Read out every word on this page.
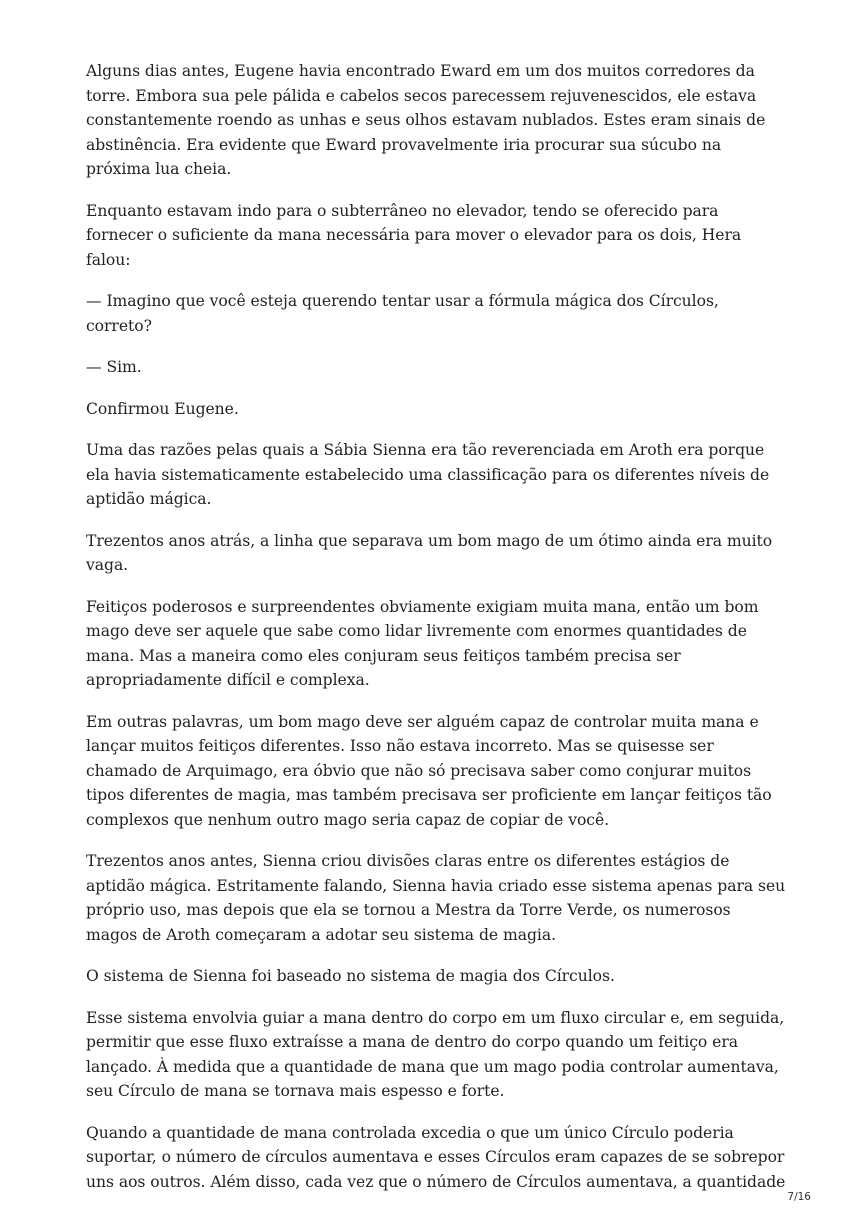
Alguns dias antes, Eugene havia encontrado Eward em um dos muitos corredores da torre. Embora sua pele pálida e cabelos secos parecessem rejuvenescidos, ele estava constantemente roendo as unhas e seus olhos estavam nublados. Estes eram sinais de abstinência. Era evidente que Eward provavelmente iria procurar sua súcubo na próxima lua cheia.

Enquanto estavam indo para o subterrâneo no elevador, tendo se oferecido para fornecer o suficiente da mana necessária para mover o elevador para os dois, Hera falou:

— Imagino que você esteja querendo tentar usar a fórmula mágica dos Círculos, correto?

— Sim.

Confirmou Eugene.

Uma das razões pelas quais a Sábia Sienna era tão reverenciada em Aroth era porque ela havia sistematicamente estabelecido uma classificação para os diferentes níveis de aptidão mágica.

Trezentos anos atrás, a linha que separava um bom mago de um ótimo ainda era muito vaga.

Feitiços poderosos e surpreendentes obviamente exigiam muita mana, então um bom mago deve ser aquele que sabe como lidar livremente com enormes quantidades de mana. Mas a maneira como eles conjuram seus feitiços também precisa ser apropriadamente difícil e complexa.

Em outras palavras, um bom mago deve ser alguém capaz de controlar muita mana e lançar muitos feitiços diferentes. Isso não estava incorreto. Mas se quisesse ser chamado de Arquimago, era óbvio que não só precisava saber como conjurar muitos tipos diferentes de magia, mas também precisava ser proficiente em lançar feitiços tão complexos que nenhum outro mago seria capaz de copiar de você.

Trezentos anos antes, Sienna criou divisões claras entre os diferentes estágios de aptidão mágica. Estritamente falando, Sienna havia criado esse sistema apenas para seu próprio uso, mas depois que ela se tornou a Mestra da Torre Verde, os numerosos magos de Aroth começaram a adotar seu sistema de magia.

O sistema de Sienna foi baseado no sistema de magia dos Círculos.

Esse sistema envolvia guiar a mana dentro do corpo em um fluxo circular e, em seguida, permitir que esse fluxo extraísse a mana de dentro do corpo quando um feitiço era lançado. À medida que a quantidade de mana que um mago podia controlar aumentava, seu Círculo de mana se tornava mais espesso e forte.

Quando a quantidade de mana controlada excedia o que um único Círculo poderia suportar, o número de círculos aumentava e esses Círculos eram capazes de se sobrepor uns aos outros. Além disso, cada vez que o número de Círculos aumentava, a quantidade

7/16
